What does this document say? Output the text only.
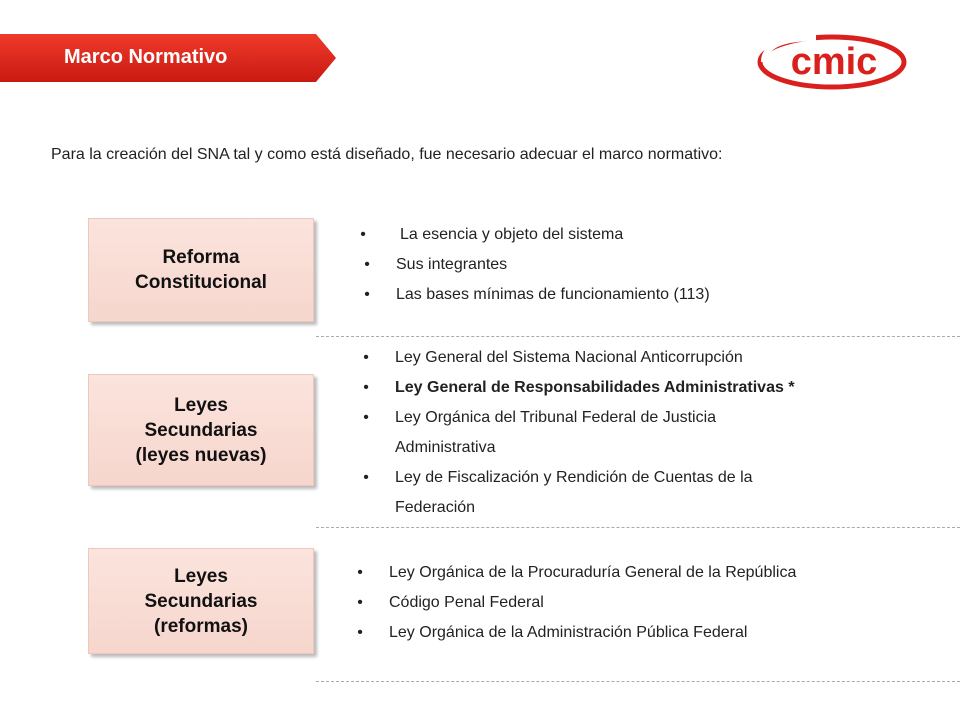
Marco Normativo	cmic
Para la creación del SNA tal y como está diseñado, fue necesario adecuar el marco normativo:
Reforma
Constitucional
• La esencia y objeto del sistema
• Sus integrantes
• Las bases mínimas de funcionamiento (113)
Leyes
Secundarias
(leyes nuevas)
• Ley General del Sistema Nacional Anticorrupción
• Ley General de Responsabilidades Administrativas *
• Ley Orgánica del Tribunal Federal de Justicia
Administrativa
• Ley de Fiscalización y Rendición de Cuentas de la
Federación
Leyes
Secundarias
(reformas)
• Ley Orgánica de la Procuraduría General de la República
• Código Penal Federal
• Ley Orgánica de la Administración Pública Federal
